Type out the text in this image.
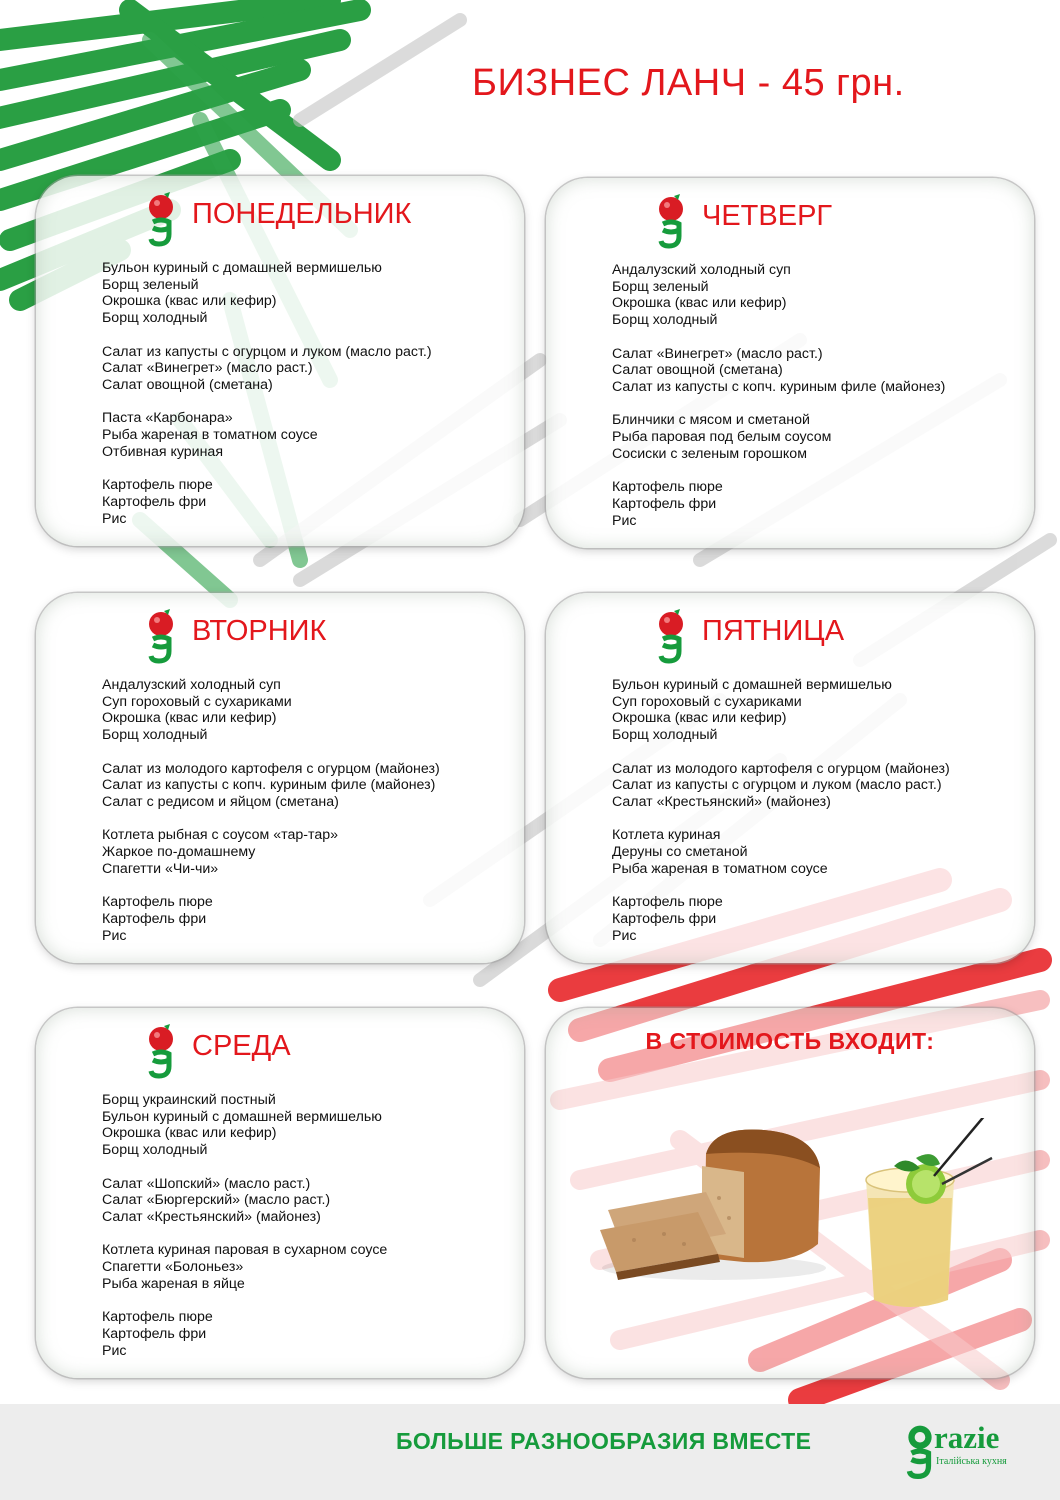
БИЗНЕС ЛАНЧ - 45 грн.
ПОНЕДЕЛЬНИК
Бульон куриный с домашней вермишелью
Борщ зеленый
Окрошка (квас или кефир)
Борщ холодный
Салат из капусты с огурцом и луком (масло раст.)
Салат «Винегрет» (масло раст.)
Салат овощной (сметана)
Паста «Карбонара»
Рыба жареная в томатном соусе
Отбивная куриная
Картофель пюре
Картофель фри
Рис
ЧЕТВЕРГ
Андалузский холодный суп
Борщ зеленый
Окрошка (квас или кефир)
Борщ холодный
Салат «Винегрет» (масло раст.)
Салат овощной (сметана)
Салат из капусты с копч. куриным филе (майонез)
Блинчики с мясом и сметаной
Рыба паровая под белым соусом
Сосиски с зеленым горошком
Картофель пюре
Картофель фри
Рис
ВТОРНИК
Андалузский холодный суп
Суп гороховый с сухариками
Окрошка (квас или кефир)
Борщ холодный
Салат из молодого картофеля с огурцом (майонез)
Салат из капусты с копч. куриным филе (майонез)
Салат с редисом и яйцом (сметана)
Котлета рыбная с соусом «тар-тар»
Жаркое по-домашнему
Спагетти «Чи-чи»
Картофель пюре
Картофель фри
Рис
ПЯТНИЦА
Бульон куриный с домашней вермишелью
Суп гороховый с сухариками
Окрошка (квас или кефир)
Борщ холодный
Салат из молодого картофеля с огурцом (майонез)
Салат из капусты с огурцом и луком (масло раст.)
Салат «Крестьянский» (майонез)
Котлета куриная
Деруны со сметаной
Рыба жареная в томатном соусе
Картофель пюре
Картофель фри
Рис
СРЕДА
Борщ украинский постный
Бульон куриный с домашней вермишелью
Окрошка (квас или кефир)
Борщ холодный
Салат «Шопский» (масло раст.)
Салат «Бюргерский» (масло раст.)
Салат «Крестьянский» (майонез)
Котлета куриная паровая в сухарном соусе
Спагетти «Болоньез»
Рыба жареная в яйце
Картофель пюре
Картофель фри
Рис
В СТОИМОСТЬ ВХОДИТ:
БОЛЬШЕ РАЗНООБРАЗИЯ ВМЕСТЕ	razie
Італійська кухня
